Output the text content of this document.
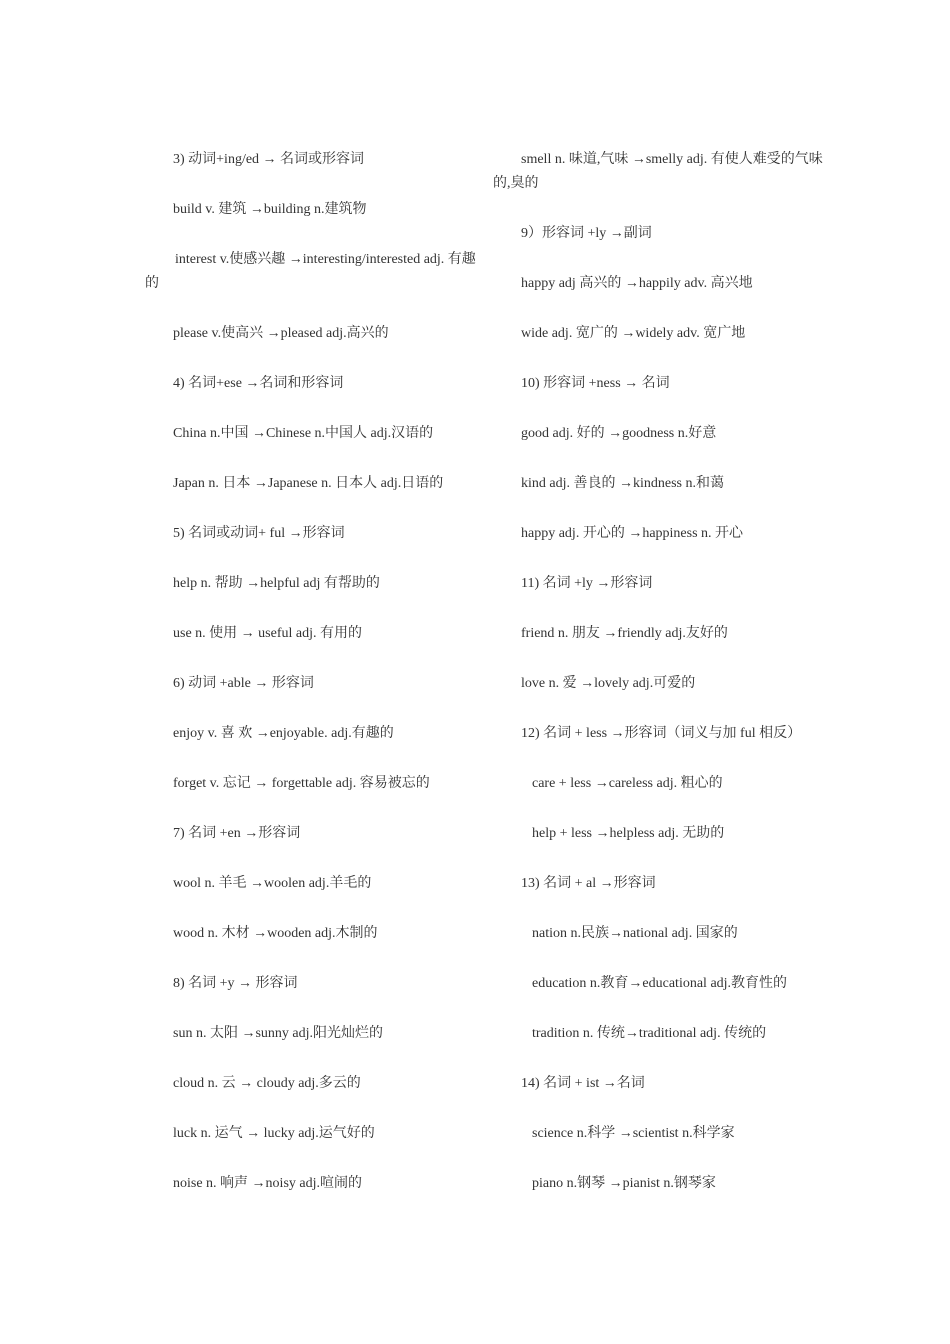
3) 动词+ing/ed → 名词或形容词

build v. 建筑 →building n.建筑物

interest v.使感兴趣 →interesting/interested adj. 有趣的

please v.使高兴 →pleased adj.高兴的

4) 名词+ese →名词和形容词

China n.中国 →Chinese n.中国人 adj.汉语的

Japan n. 日本 →Japanese n. 日本人 adj.日语的

5) 名词或动词+ ful →形容词

help n. 帮助 →helpful adj 有帮助的

use n. 使用 → useful adj. 有用的

6) 动词 +able → 形容词

enjoy v. 喜 欢 →enjoyable. adj.有趣的

forget v. 忘记 → forgettable adj. 容易被忘的

7) 名词 +en →形容词

wool n. 羊毛 →woolen adj.羊毛的

wood n. 木材 →wooden adj.木制的

8) 名词 +y → 形容词

sun n. 太阳 →sunny adj.阳光灿烂的

cloud n. 云 → cloudy adj.多云的

luck n. 运气 → lucky adj.运气好的

noise n. 响声 →noisy adj.喧闹的

smell n. 味道,气味 →smelly adj. 有使人难受的气味的,臭的

9）形容词 +ly →副词

happy adj 高兴的 →happily adv. 高兴地

wide adj. 宽广的 →widely adv. 宽广地

10) 形容词 +ness → 名词

good adj. 好的 →goodness n.好意

kind adj. 善良的 →kindness n.和蔼

happy adj. 开心的 →happiness n. 开心

11) 名词 +ly →形容词

friend n. 朋友 →friendly adj.友好的

love n. 爱 →lovely adj.可爱的

12) 名词 + less →形容词（词义与加 ful 相反）

care + less →careless adj. 粗心的

help + less →helpless adj. 无助的

13) 名词 + al →形容词

nation n.民族→national adj. 国家的

education n.教育→educational adj.教育性的

tradition n. 传统→traditional adj. 传统的

14) 名词 + ist →名词

science n.科学 →scientist n.科学家

piano n.钢琴 →pianist n.钢琴家
